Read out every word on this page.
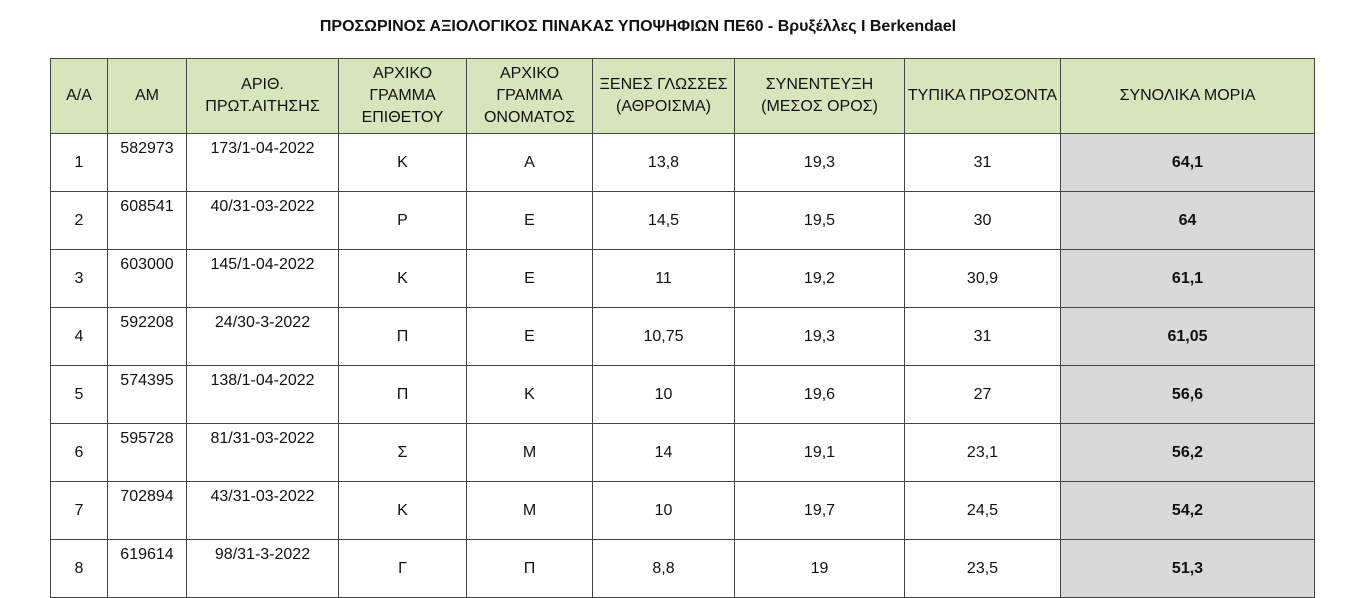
ΠΡΟΣΩΡΙΝΟΣ ΑΞΙΟΛΟΓΙΚΟΣ ΠΙΝΑΚΑΣ ΥΠΟΨΗΦΙΩΝ ΠΕ60 - Βρυξέλλες I Berkendael
Α/Α	ΑΜ	ΑΡΙΘ. ΠΡΩΤ.ΑΙΤΗΣΗΣ	ΑΡΧΙΚΟ ΓΡΑΜΜΑ ΕΠΙΘΕΤΟΥ	ΑΡΧΙΚΟ ΓΡΑΜΜΑ ΟΝΟΜΑΤΟΣ	ΞΕΝΕΣ ΓΛΩΣΣΕΣ (ΑΘΡΟΙΣΜΑ)	ΣΥΝΕΝΤΕΥΞΗ (ΜΕΣΟΣ ΟΡΟΣ)	ΤΥΠΙΚΑ ΠΡΟΣΟΝΤΑ	ΣΥΝΟΛΙΚΑ ΜΟΡΙΑ
1	582973	173/1-04-2022	Κ	Α	13,8	19,3	31	64,1
2	608541	40/31-03-2022	Ρ	Ε	14,5	19,5	30	64
3	603000	145/1-04-2022	Κ	Ε	11	19,2	30,9	61,1
4	592208	24/30-3-2022	Π	Ε	10,75	19,3	31	61,05
5	574395	138/1-04-2022	Π	Κ	10	19,6	27	56,6
6	595728	81/31-03-2022	Σ	Μ	14	19,1	23,1	56,2
7	702894	43/31-03-2022	Κ	Μ	10	19,7	24,5	54,2
8	619614	98/31-3-2022	Γ	Π	8,8	19	23,5	51,3
